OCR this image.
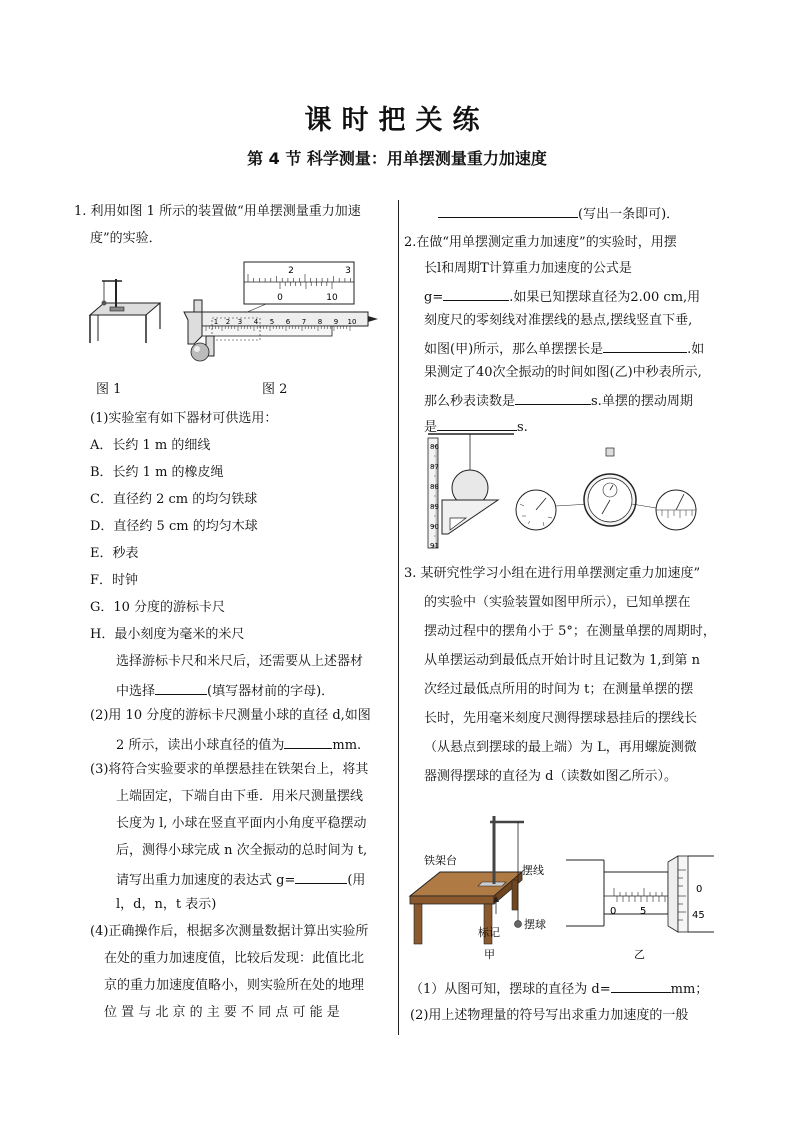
课时把关练
第 4 节 科学测量：用单摆测量重力加速度
1. 利用如图 1 所示的装置做“用单摆测量重力加速
度”的实验．
2	3
0	10
1 2 3 4 5 6 7 8 9 10
图 1	图 2
(1)实验室有如下器材可供选用：
A．长约 1 m 的细线
B．长约 1 m 的橡皮绳
C．直径约 2 cm 的均匀铁球
D．直径约 5 cm 的均匀木球
E．秒表
F．时钟
G．10 分度的游标卡尺
H．最小刻度为毫米的米尺
选择游标卡尺和米尺后，还需要从上述器材
中选择	(填写器材前的字母)．
(2)用 10 分度的游标卡尺测量小球的直径 d,如图
2 所示，读出小球直径的值为	mm.
(3)将符合实验要求的单摆悬挂在铁架台上，将其
上端固定，下端自由下垂．用米尺测量摆线
长度为 l, 小球在竖直平面内小角度平稳摆动
后，测得小球完成 n 次全振动的总时间为 t,
请写出重力加速度的表达式 g=	(用
l，d，n，t 表示)
(4)正确操作后，根据多次测量数据计算出实验所
在处的重力加速度值，比较后发现：此值比北
京的重力加速度值略小，则实验所在处的地理
位 置 与 北 京 的 主 要 不 同 点 可 能 是
(写出一条即可)．
2.在做“用单摆测定重力加速度”的实验时，用摆
长l和周期T计算重力加速度的公式是
g=	.如果已知摆球直径为2.00 cm,用
刻度尺的零刻线对准摆线的悬点,摆线竖直下垂,
如图(甲)所示，那么单摆摆长是	.如
果测定了40次全振动的时间如图(乙)中秒表所示,
那么秒表读数是	s.单摆的摆动周期
是	s.
86
87
88
89
90
91
3. 某研究性学习小组在进行用单摆测定重力加速度”
的实验中（实验装置如图甲所示），已知单摆在
摆动过程中的摆角小于 5°；在测量单摆的周期时，
从单摆运动到最低点开始计时且记数为 1,到第 n
次经过最低点所用的时间为 t；在测量单摆的摆
长时，先用毫米刻度尺测得摆球悬挂后的摆线长
（从悬点到摆球的最上端）为 L，再用螺旋测微
器测得摆球的直径为 d（读数如图乙所示）。
铁架台
摆线
摆球
标记
甲
0 5
0
45
乙
（1）从图可知，摆球的直径为 d=	mm；
(2)用上述物理量的符号写出求重力加速度的一般
